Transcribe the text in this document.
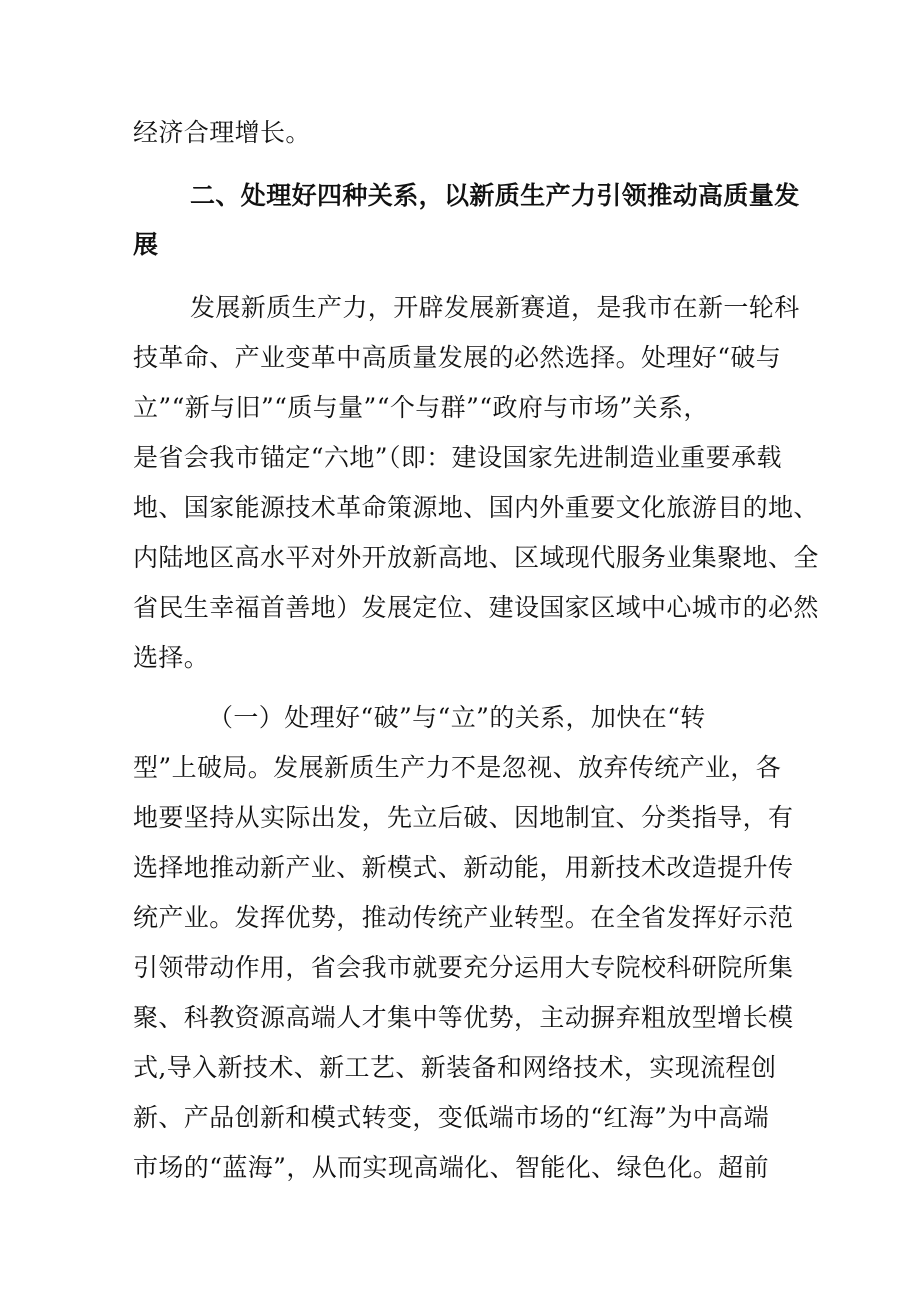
经济合理增长。
二、处理好四种关系，以新质生产力引领推动高质量发
展
发展新质生产力，开辟发展新赛道，是我市在新一轮科
技革命、产业变革中高质量发展的必然选择。处理好“破与
立”“新与旧”“质与量”“个与群”“政府与市场”关系，
是省会我市锚定“六地”（即：建设国家先进制造业重要承载
地、国家能源技术革命策源地、国内外重要文化旅游目的地、
内陆地区高水平对外开放新高地、区域现代服务业集聚地、全
省民生幸福首善地）发展定位、建设国家区域中心城市的必然
选择。
（一）处理好“破”与“立”的关系，加快在“转
型”上破局。发展新质生产力不是忽视、放弃传统产业，各
地要坚持从实际出发，先立后破、因地制宜、分类指导，有
选择地推动新产业、新模式、新动能，用新技术改造提升传
统产业。发挥优势，推动传统产业转型。在全省发挥好示范
引领带动作用，省会我市就要充分运用大专院校科研院所集
聚、科教资源高端人才集中等优势，主动摒弃粗放型增长模
式,导入新技术、新工艺、新装备和网络技术，实现流程创
新、产品创新和模式转变，变低端市场的“红海”为中高端
市场的“蓝海”，从而实现高端化、智能化、绿色化。超前
